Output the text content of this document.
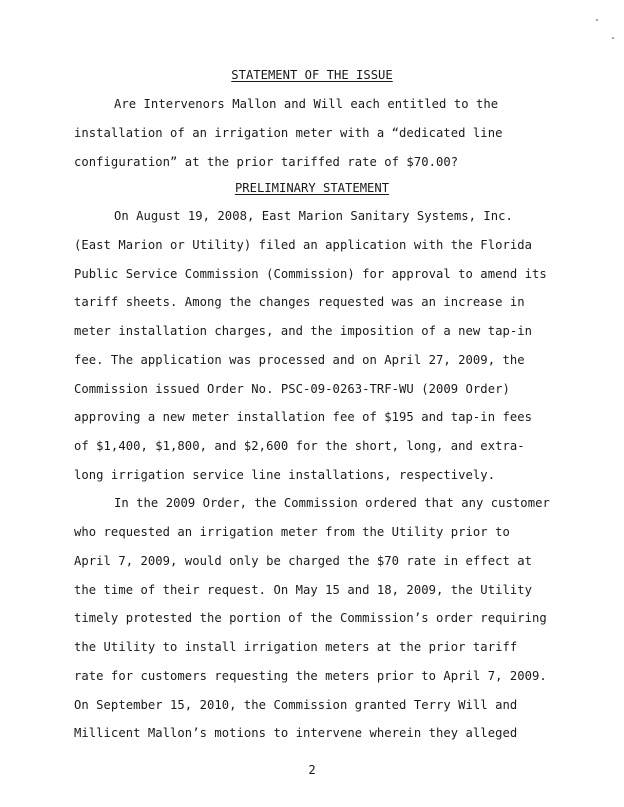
STATEMENT OF THE ISSUE
Are Intervenors Mallon and Will each entitled to the
installation of an irrigation meter with a “dedicated line
configuration” at the prior tariffed rate of $70.00?
PRELIMINARY STATEMENT
On August 19, 2008, East Marion Sanitary Systems, Inc.
(East Marion or Utility) filed an application with the Florida
Public Service Commission (Commission) for approval to amend its
tariff sheets. Among the changes requested was an increase in
meter installation charges, and the imposition of a new tap-in
fee. The application was processed and on April 27, 2009, the
Commission issued Order No. PSC-09-0263-TRF-WU (2009 Order)
approving a new meter installation fee of $195 and tap-in fees
of $1,400, $1,800, and $2,600 for the short, long, and extra-
long irrigation service line installations, respectively.
In the 2009 Order, the Commission ordered that any customer
who requested an irrigation meter from the Utility prior to
April 7, 2009, would only be charged the $70 rate in effect at
the time of their request. On May 15 and 18, 2009, the Utility
timely protested the portion of the Commission’s order requiring
the Utility to install irrigation meters at the prior tariff
rate for customers requesting the meters prior to April 7, 2009.
On September 15, 2010, the Commission granted Terry Will and
Millicent Mallon’s motions to intervene wherein they alleged
2
